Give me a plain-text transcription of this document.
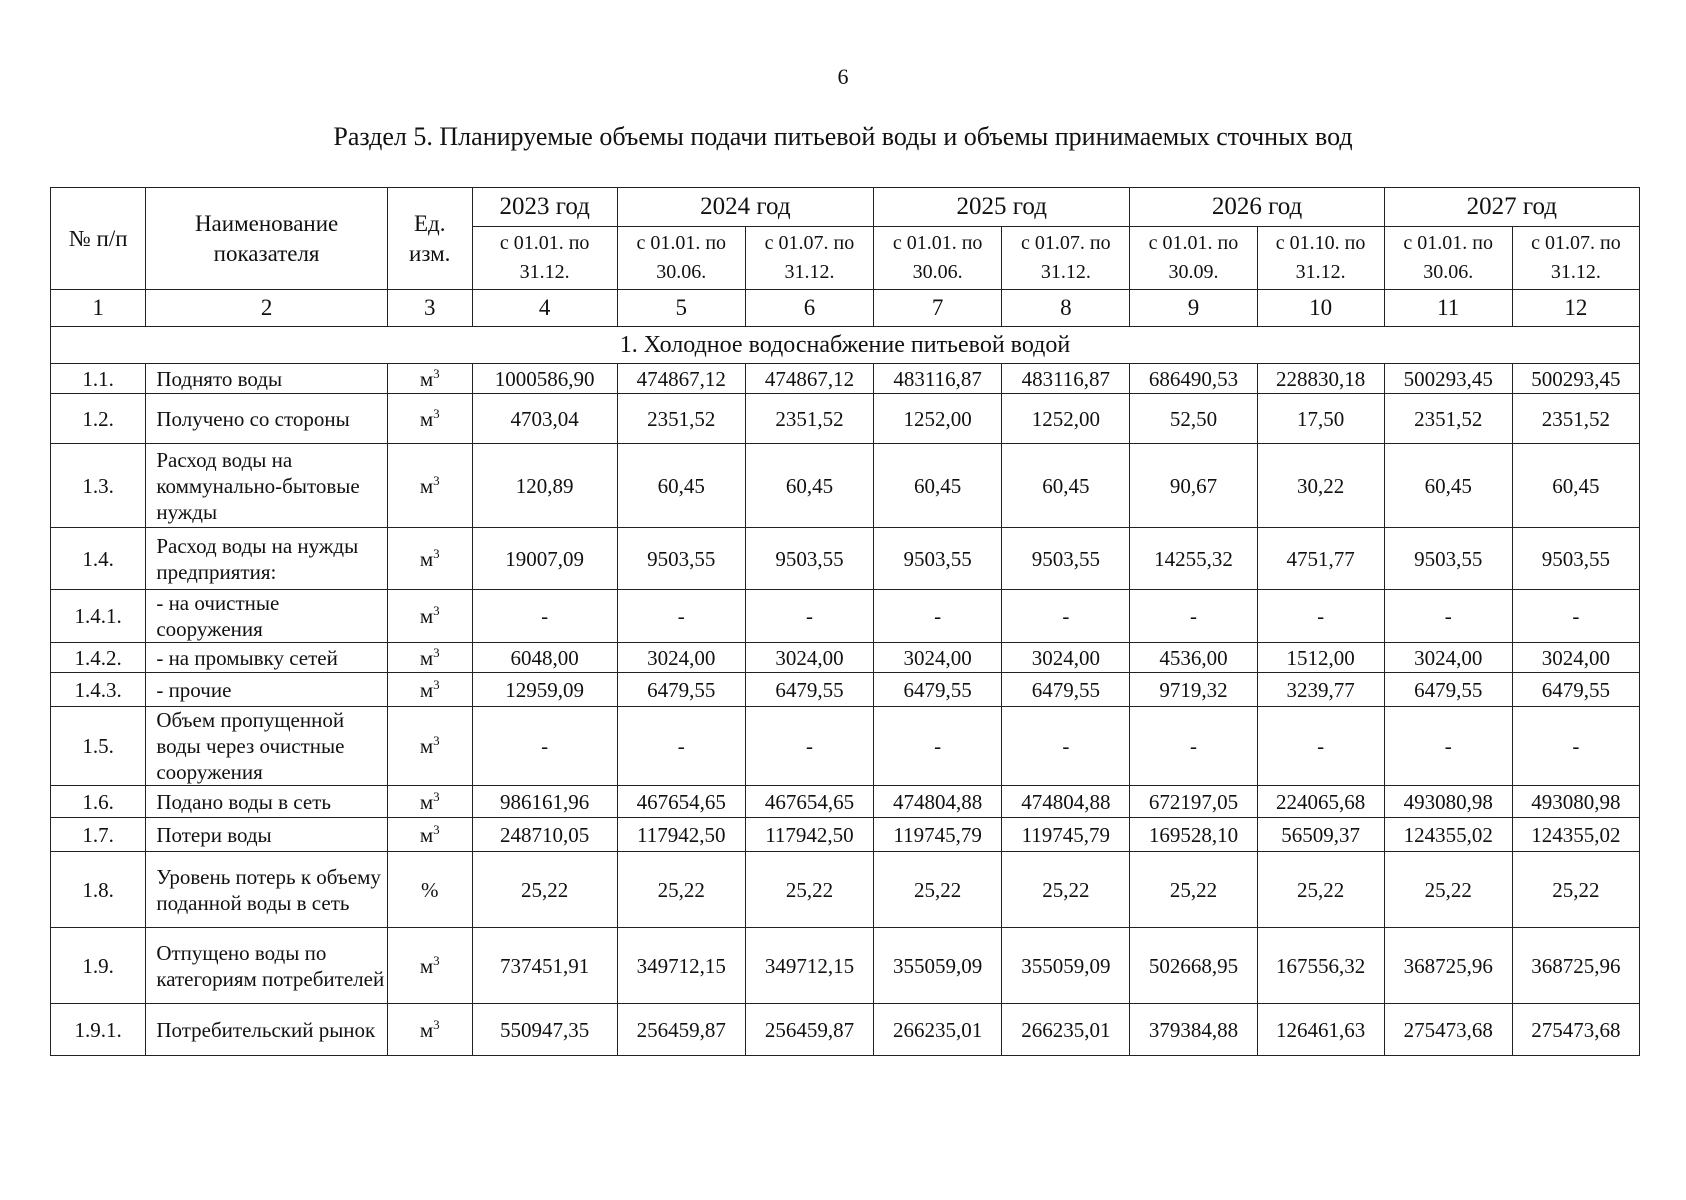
6
Раздел 5. Планируемые объемы подачи питьевой воды и объемы принимаемых сточных вод
№ п/п	Наименование показателя	Ед. изм.	2023 год	2024 год		2025 год		2026 год		2027 год	
			с 01.01. по 31.12.	с 01.01. по 30.06.	с 01.07. по 31.12.	с 01.01. по 30.06.	с 01.07. по 31.12.	с 01.01. по 30.09.	с 01.10. по 31.12.	с 01.01. по 30.06.	с 01.07. по 31.12.
1	2	3	4	5	6	7	8	9	10	11	12
1. Холодное водоснабжение питьевой водой											
1.1.	Поднято воды	$м^3$	1000586,90	474867,12	474867,12	483116,87	483116,87	686490,53	228830,18	500293,45	500293,45
1.2.	Получено со стороны	$м^3$	4703,04	2351,52	2351,52	1252,00	1252,00	52,50	17,50	2351,52	2351,52
1.3.	Расход воды на коммунально-бытовые нужды	$м^3$	120,89	60,45	60,45	60,45	60,45	90,67	30,22	60,45	60,45
1.4.	Расход воды на нужды предприятия:	$м^3$	19007,09	9503,55	9503,55	9503,55	9503,55	14255,32	4751,77	9503,55	9503,55
1.4.1.	- на очистные сооружения	$м^3$	-	-	-	-	-	-	-	-	-
1.4.2.	- на промывку сетей	$м^3$	6048,00	3024,00	3024,00	3024,00	3024,00	4536,00	1512,00	3024,00	3024,00
1.4.3.	- прочие	$м^3$	12959,09	6479,55	6479,55	6479,55	6479,55	9719,32	3239,77	6479,55	6479,55
1.5.	Объем пропущенной воды через очистные сооружения	$м^3$	-	-	-	-	-	-	-	-	-
1.6.	Подано воды в сеть	$м^3$	986161,96	467654,65	467654,65	474804,88	474804,88	672197,05	224065,68	493080,98	493080,98
1.7.	Потери воды	$м^3$	248710,05	117942,50	117942,50	119745,79	119745,79	169528,10	56509,37	124355,02	124355,02
1.8.	Уровень потерь к объему поданной воды в сеть	%	25,22	25,22	25,22	25,22	25,22	25,22	25,22	25,22	25,22
1.9.	Отпущено воды по категориям потребителей	$м^3$	737451,91	349712,15	349712,15	355059,09	355059,09	502668,95	167556,32	368725,96	368725,96
1.9.1.	Потребительский рынок	$м^3$	550947,35	256459,87	256459,87	266235,01	266235,01	379384,88	126461,63	275473,68	275473,68
